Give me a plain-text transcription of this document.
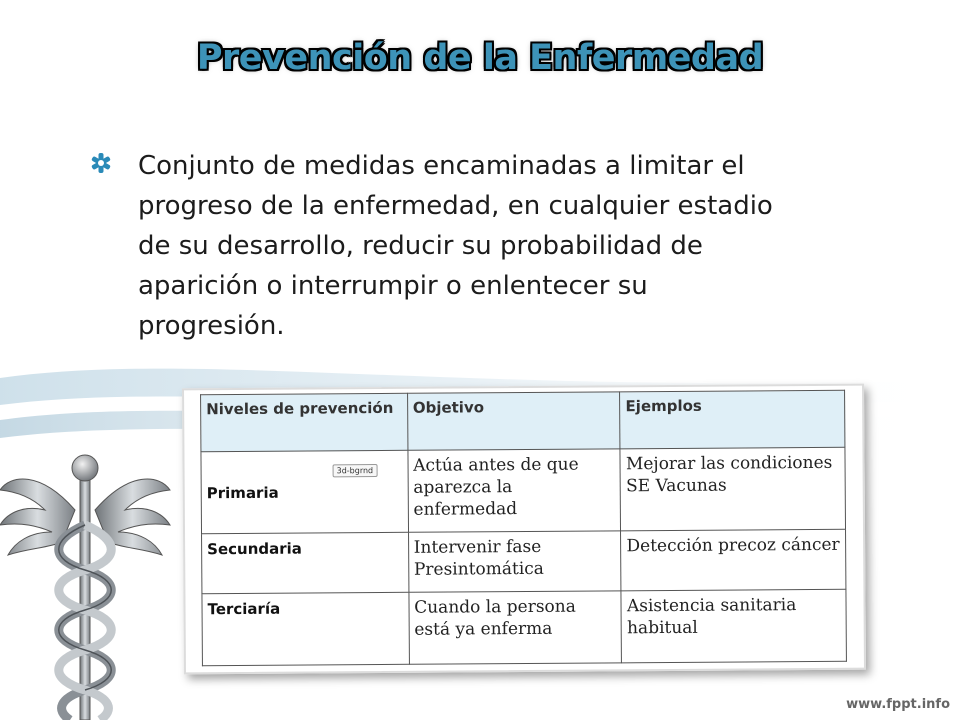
Prevención de la Enfermedad
Conjunto de medidas encaminadas a limitar el
progreso de la enfermedad, en cualquier estadio
de su desarrollo, reducir su probabilidad de
aparición o interrumpir o enlentecer su
progresión.
Niveles de prevención	Objetivo	Ejemplos
Primaria	Actúa antes de que aparezca la enfermedad	Mejorar las condiciones SE Vacunas
Secundaria	Intervenir fase Presintomática	Detección precoz cáncer
Terciaría	Cuando la persona está ya enferma	Asistencia sanitaria habitual
3d-bgrnd
www.fppt.info
